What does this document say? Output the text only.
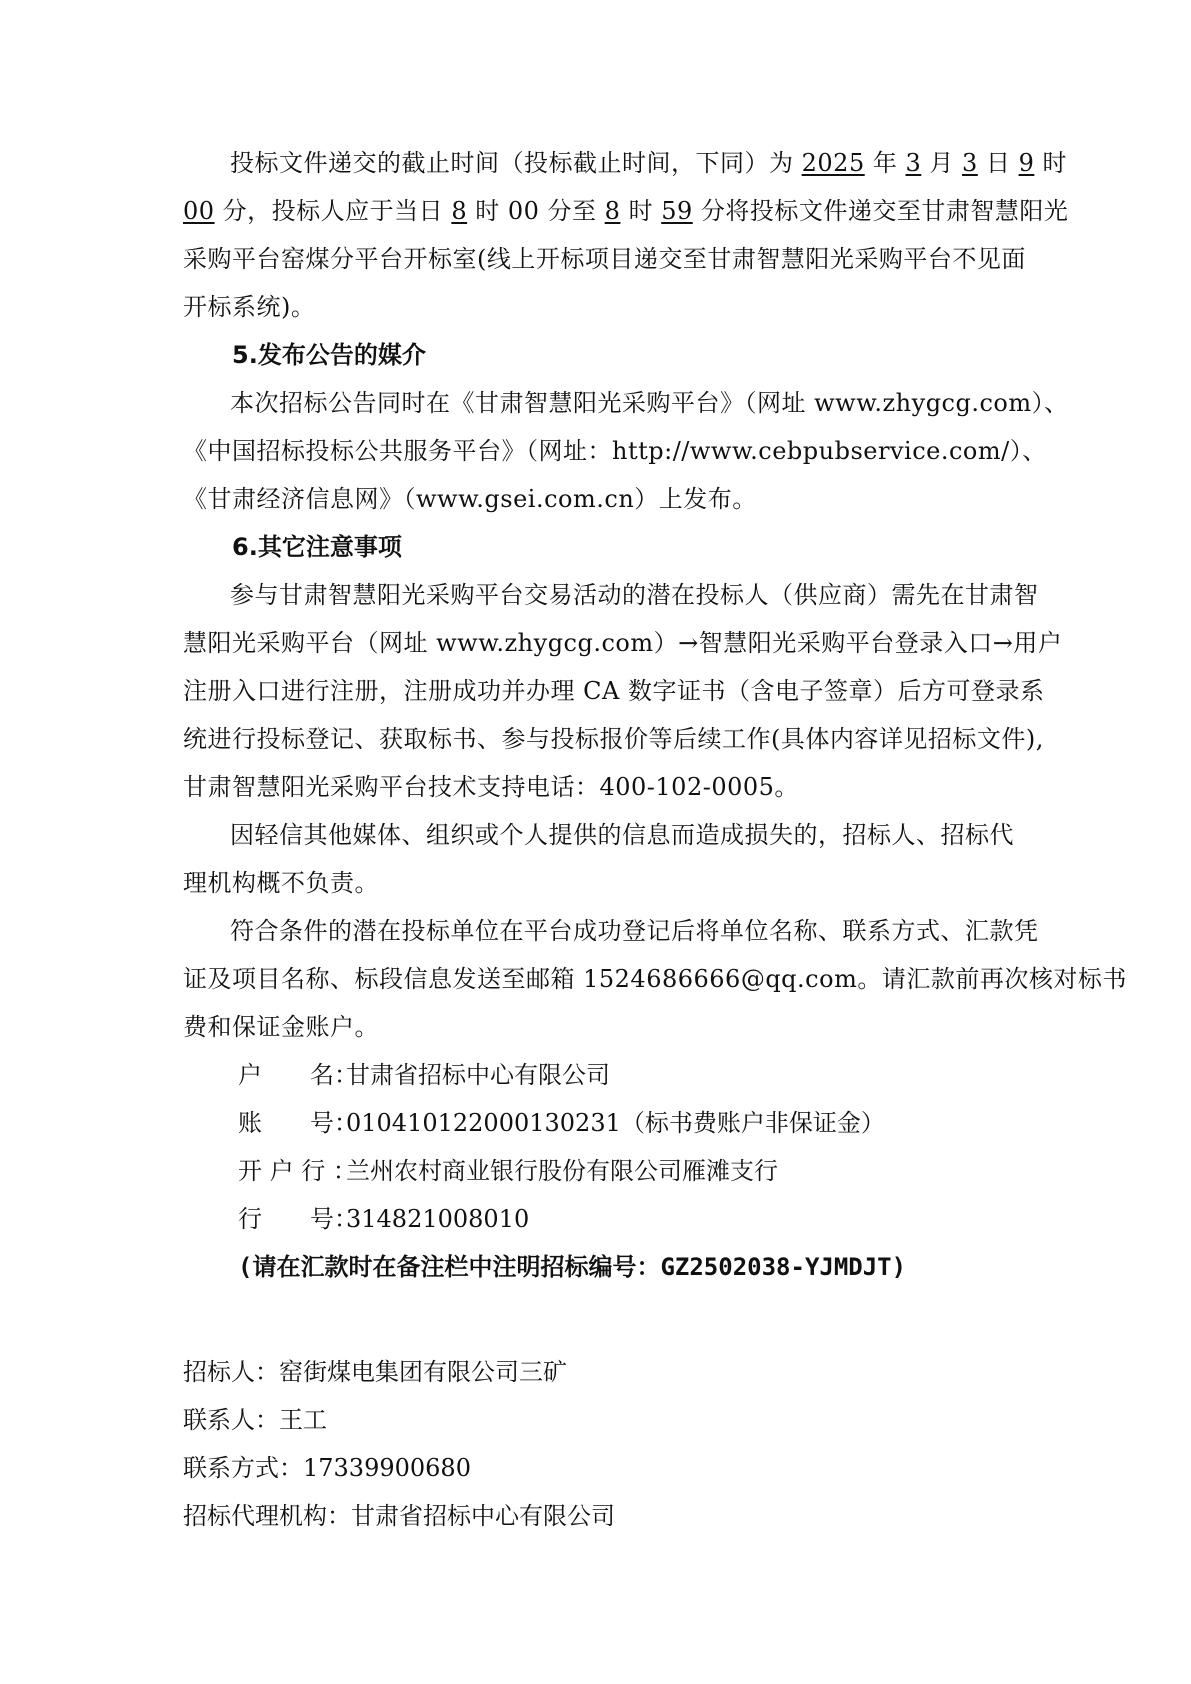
投标文件递交的截止时间（投标截止时间，下同）为 2025 年 3 月 3 日 9 时
00 分，投标人应于当日 8 时 00 分至 8 时 59 分将投标文件递交至甘肃智慧阳光
采购平台窑煤分平台开标室(线上开标项目递交至甘肃智慧阳光采购平台不见面
开标系统)。
5.发布公告的媒介
本次招标公告同时在《甘肃智慧阳光采购平台》（网址 www.zhygcg.com）、
《中国招标投标公共服务平台》（网址：http://www.cebpubservice.com/）、
《甘肃经济信息网》（www.gsei.com.cn）上发布。
6.其它注意事项
参与甘肃智慧阳光采购平台交易活动的潜在投标人（供应商）需先在甘肃智
慧阳光采购平台（网址 www.zhygcg.com）→智慧阳光采购平台登录入口→用户
注册入口进行注册，注册成功并办理 CA 数字证书（含电子签章）后方可登录系
统进行投标登记、获取标书、参与投标报价等后续工作(具体内容详见招标文件),
甘肃智慧阳光采购平台技术支持电话：400-102-0005。
因轻信其他媒体、组织或个人提供的信息而造成损失的，招标人、招标代
理机构概不负责。
符合条件的潜在投标单位在平台成功登记后将单位名称、联系方式、汇款凭
证及项目名称、标段信息发送至邮箱 1524686666@qq.com。请汇款前再次核对标书
费和保证金账户。
户　　名：甘肃省招标中心有限公司
账　　号：010410122000130231（标书费账户非保证金）
开 户 行 ：兰州农村商业银行股份有限公司雁滩支行
行　　号：314821008010
(请在汇款时在备注栏中注明招标编号：GZ2502038-YJMDJT)
招标人：窑街煤电集团有限公司三矿
联系人：王工
联系方式：17339900680
招标代理机构：甘肃省招标中心有限公司
